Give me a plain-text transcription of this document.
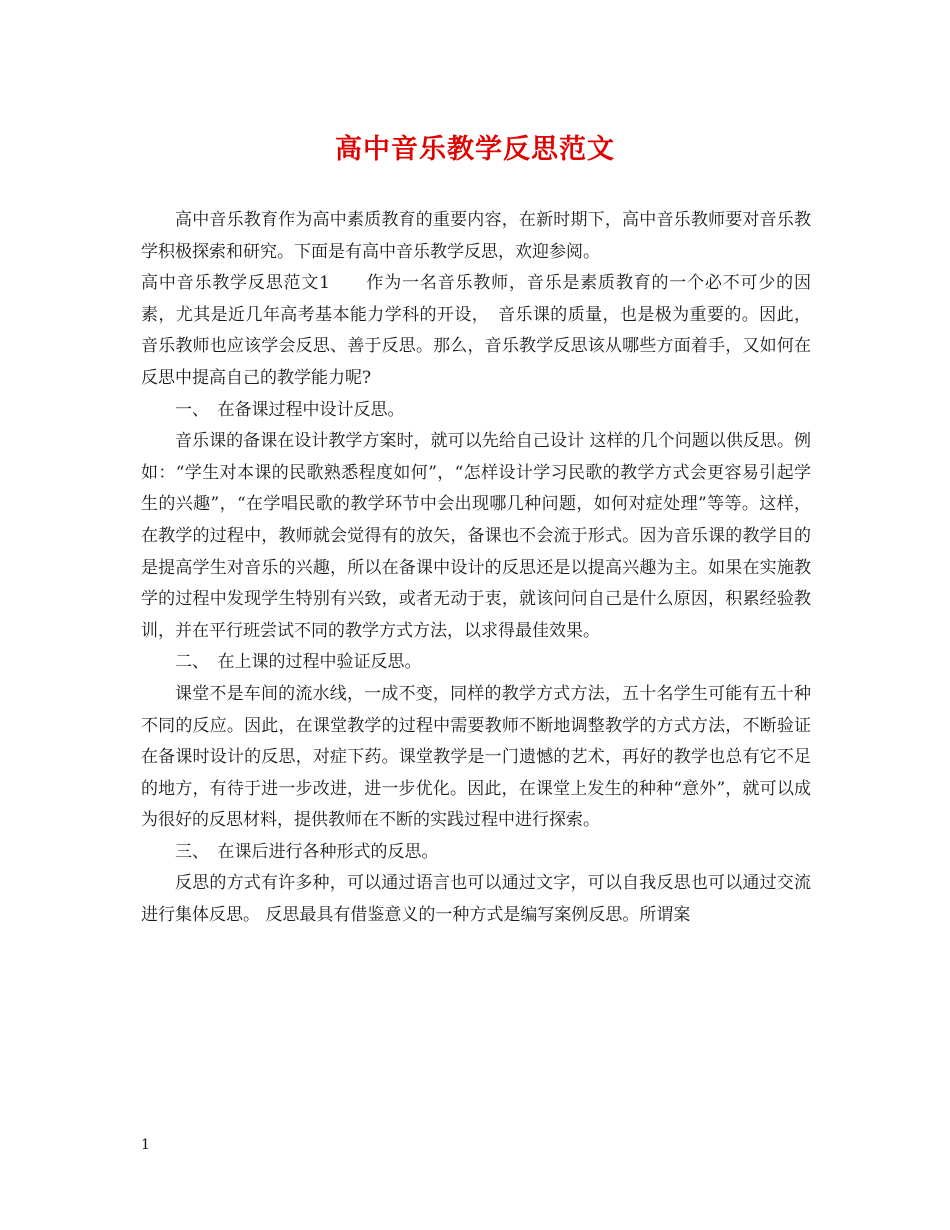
高中音乐教学反思范文

高中音乐教育作为高中素质教育的重要内容，在新时期下，高中音乐教师要对音乐教学积极探索和研究。下面是有高中音乐教学反思，欢迎参阅。

高中音乐教学反思范文1　　作为一名音乐教师，音乐是素质教育的一个必不可少的因素，尤其是近几年高考基本能力学科的开设，　音乐课的质量，也是极为重要的。因此，音乐教师也应该学会反思、善于反思。那么，音乐教学反思该从哪些方面着手，又如何在反思中提高自己的教学能力呢?

一、　在备课过程中设计反思。

音乐课的备课在设计教学方案时，就可以先给自己设计 这样的几个问题以供反思。例如：“学生对本课的民歌熟悉程度如何”，“怎样设计学习民歌的教学方式会更容易引起学生的兴趣”，“在学唱民歌的教学环节中会出现哪几种问题，如何对症处理”等等。这样，在教学的过程中，教师就会觉得有的放矢，备课也不会流于形式。因为音乐课的教学目的是提高学生对音乐的兴趣，所以在备课中设计的反思还是以提高兴趣为主。如果在实施教学的过程中发现学生特别有兴致，或者无动于衷，就该问问自己是什么原因，积累经验教训，并在平行班尝试不同的教学方式方法，以求得最佳效果。

二、　在上课的过程中验证反思。

课堂不是车间的流水线，一成不变，同样的教学方式方法，五十名学生可能有五十种不同的反应。因此，在课堂教学的过程中需要教师不断地调整教学的方式方法，不断验证在备课时设计的反思，对症下药。课堂教学是一门遗憾的艺术，再好的教学也总有它不足的地方，有待于进一步改进，进一步优化。因此，在课堂上发生的种种“意外”，就可以成为很好的反思材料，提供教师在不断的实践过程中进行探索。

三、　在课后进行各种形式的反思。

反思的方式有许多种，可以通过语言也可以通过文字，可以自我反思也可以通过交流进行集体反思。 反思最具有借鉴意义的一种方式是编写案例反思。所谓案

1
